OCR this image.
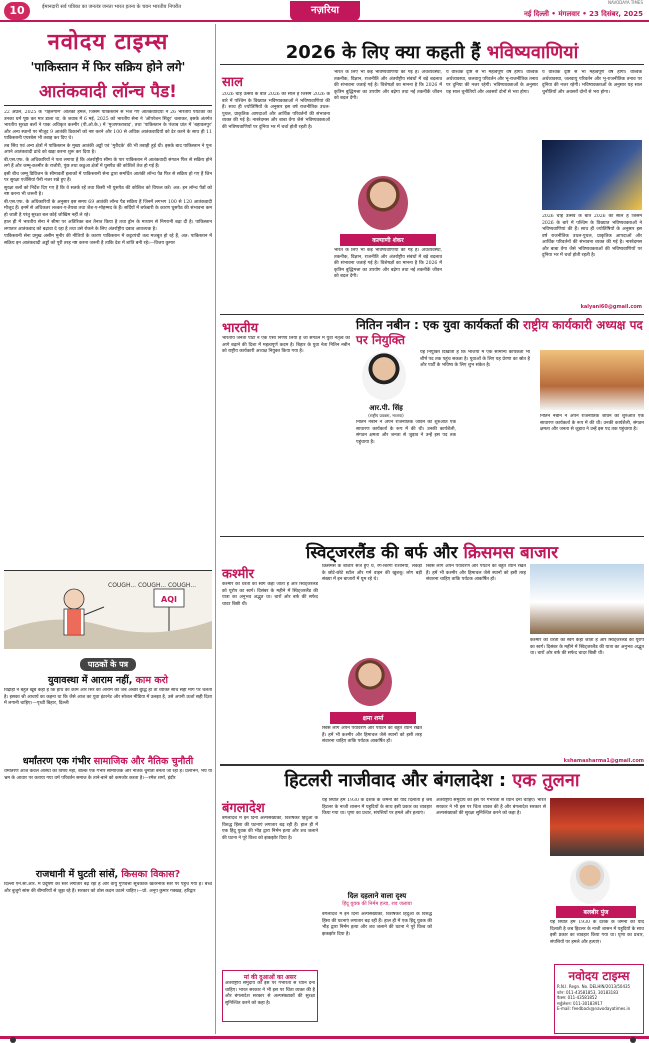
10	ईमानदारी सर्व पत्रिका का जनतंत्र जनता भारत इतना के चयन भारतीय निपरीत	नज़रिया
NAVODAYA TIMES
नई दिल्ली • मंगलवार • 23 दिसंबर, 2025
नवोदय टाइम्स
'पाकिस्तान में फिर सक्रिय होने लगे'
आतंकवादी लॉन्च पैड!

22 अप्रैल, 2025 के 'पहलगाम' आतंकी हमले, जिसमें पाकिस्तान से भेजे गए आतंकवादियों ने 26 भारतीय पर्यटकों को उनका धर्म पूछ कर मार डाला था, के जवाब में 6 मई, 2025 को भारतीय सेना ने 'ऑपरेशन सिंदूर' चलाकर, इसके अंतर्गत भारतीय सुरक्षा बलों ने पाक अधिकृत कश्मीर (पी.ओ.के.) में 'मुजफ्फराबाद', तथा 'पाकिस्तान के पंजाब प्रांत में 'बहावलपुर' और अन्य स्थानों पर मौजूद 9 आतंकी ठिकानों को नष्ट करने और 100 से अधिक आतंकवादियों को ढेर करने के साथ ही 11 पाकिस्तानी एयरबेस भी तबाह कर दिए थे।

तब सिंध एवं अन्य क्षेत्रों में पाकिस्तान के मुख्य आतंकी अड्डों एवं 'मुरीदके' की भी तबाही हुई थी। इसके बाद पाकिस्तान ने पुनः अपने आतंकवादी ढांचे को खड़ा करना शुरू कर दिया है।

बी.एस.एफ. के अधिकारियों ने पता लगाया है कि अंतर्राष्ट्रीय सीमा के पार पाकिस्तान में आतंकवादी संगठन फिर से सक्रिय होने लगे हैं और जम्मू-कश्मीर के राजौरी, पुंछ तथा कठुआ क्षेत्रों में घुसपैठ की कोशिशें तेज हो गई हैं।

इसी बीच जम्मू डिविजन के सीमावर्ती इलाकों में पाकिस्तानी सेना द्वारा समर्थित आतंकी लॉन्च पैड फिर से सक्रिय हो गए हैं जिन पर सुरक्षा एजेंसियां पैनी नजर रखे हुए हैं।

सुरक्षा बलों को निर्देश दिए गए हैं कि वे सतर्क रहें तथा किसी भी घुसपैठ की कोशिश को विफल करें। अत: इन लॉन्च पैडों को नष्ट करना भी जरूरी है।

बी.एस.एफ. के अधिकारियों के अनुसार इस समय 69 आतंकी लॉन्च पैड सक्रिय हैं जिनमें लगभग 100 से 120 आतंकवादी मौजूद हैं। इनमें से अधिकतर लश्कर-ए-तैयबा तथा जैश-ए-मोहम्मद के हैं। सर्दियों में बर्फबारी के कारण घुसपैठ की संभावना कम हो जाती है परंतु सुरक्षा बल कोई जोखिम नहीं ले रहे।

हाल ही में भारतीय सेना ने सीमा पर अतिरिक्त बल तैनात किया है तथा ड्रोन के माध्यम से निगरानी बढ़ा दी है। पाकिस्तान लगातार आतंकवाद को बढ़ावा दे रहा है तथा उसे रोकने के लिए अंतर्राष्ट्रीय दबाव आवश्यक है।

पाकिस्तानी सेना प्रमुख असीम मुनीर की नीतियों के कारण पाकिस्तान में कट्टरपंथी तत्व मजबूत हो रहे हैं, अत: पाकिस्तान में सक्रिय इन आतंकवादी अड्डों को पूरी तरह नष्ट करना जरूरी है ताकि देश में शांति बनी रहे।—विजय कुमार

AQI
COUGH... COUGH... COUGH...
पाठकों के पत्र
युवावस्था में आराम नहीं, काम करो
विद्रोही ने बहुत खूब कहा है कि हाथ को काम और सिर को आराम को जब अच्छी बुद्धि हो तो व्यक्ति सोचे सही मार्ग पर चलता है। इसका श्री आचार्य का कहना था कि जैसे आज का युवा इंटरनेट और सोशल मीडिया में उलझा है, उसे अपनी ऊर्जा सही दिशा में लगानी चाहिए।—पृथ्वी बिहार, दिल्ली
धर्मांतरण एक गंभीर सामाजिक और नैतिक चुनौती
धर्मांतरण आज केवल आस्था का विषय नहीं, बल्कि एक गंभीर सामाजिक और नैतिक चुनौती बनता जा रहा है। प्रलोभन, भय या भ्रम के आधार पर कराया गया धर्म परिवर्तन समाज के ताने-बाने को कमजोर करता है।—रमेश शर्मा, इंदौर
राजधानी में घुटती सांसें, किसका विकास?
दिल्ली एन.सी.आर. में प्रदूषण का स्तर लगातार बढ़ रहा है और वायु गुणवत्ता सूचकांक खतरनाक स्तर पर पहुंच गया है। बच्चे और बुजुर्ग सांस की बीमारियों से जूझ रहे हैं। सरकार को ठोस कदम उठाने चाहिए।—प्रो. अनूप कुमार गक्खड़, हरिद्वार
2026 के लिए क्या कहती हैं भविष्यवाणियां
साल
2026 चाहे उत्सव के बात 2026 का साल है जिसमें 2026 के बारे में पश्चिम के विख्यात भविष्यवक्ताओं ने भविष्यवाणियां की हैं। साथ ही ज्योतिषियों के अनुसार इस वर्ष राजनीतिक उथल-पुथल, प्राकृतिक आपदाओं और आर्थिक परिवर्तनों की संभावना व्यक्त की गई है। नास्त्रेदमस और बाबा वेंगा जैसे भविष्यवक्ताओं की भविष्यवाणियों पर दुनिया भर में चर्चा होती रहती है।
भारत के लिए भी कई भविष्यवाणियां की गई हैं। अर्थव्यवस्था, तकनीक, विज्ञान, राजनीति और अंतर्राष्ट्रीय संबंधों में बड़े बदलाव की संभावना जताई गई है। विशेषज्ञों का मानना है कि 2026 में कृत्रिम बुद्धिमत्ता का उपयोग और बढ़ेगा तथा नई तकनीकें जीवन को बदल देंगी।
कल्याणी शंकर
भारत के लिए भी कई भविष्यवाणियां की गई हैं। अर्थव्यवस्था, तकनीक, विज्ञान, राजनीति और अंतर्राष्ट्रीय संबंधों में बड़े बदलाव की संभावना जताई गई है। विशेषज्ञों का मानना है कि 2026 में कृत्रिम बुद्धिमत्ता का उपयोग और बढ़ेगा तथा नई तकनीकें जीवन को बदल देंगी।
ये वैश्विक दृष्टि से भी महत्वपूर्ण वर्ष होगा। वैश्विक अर्थव्यवस्था, जलवायु परिवर्तन और भू-राजनीतिक तनाव पर दुनिया की नजर रहेगी। भविष्यवक्ताओं के अनुसार यह साल चुनौतियों और अवसरों दोनों से भरा होगा।
ये वैश्विक दृष्टि से भी महत्वपूर्ण वर्ष होगा। वैश्विक अर्थव्यवस्था, जलवायु परिवर्तन और भू-राजनीतिक तनाव पर दुनिया की नजर रहेगी। भविष्यवक्ताओं के अनुसार यह साल चुनौतियों और अवसरों दोनों से भरा होगा।
2026 चाहे उत्सव के बात 2026 का साल है जिसमें 2026 के बारे में पश्चिम के विख्यात भविष्यवक्ताओं ने भविष्यवाणियां की हैं। साथ ही ज्योतिषियों के अनुसार इस वर्ष राजनीतिक उथल-पुथल, प्राकृतिक आपदाओं और आर्थिक परिवर्तनों की संभावना व्यक्त की गई है। नास्त्रेदमस और बाबा वेंगा जैसे भविष्यवक्ताओं की भविष्यवाणियों पर दुनिया भर में चर्चा होती रहती है।
kalyani60@gmail.com
भारतीय
भारतीय जनता पार्टी ने एक ऐसा निर्णय लिया है जो संगठन में युवा नेतृत्व को आगे बढ़ाने की दिशा में महत्वपूर्ण कदम है। बिहार के युवा नेता नितिन नबीन को राष्ट्रीय कार्यकारी अध्यक्ष नियुक्त किया गया है।
नितिन नबीन : एक युवा कार्यकर्ता की राष्ट्रीय कार्यकारी अध्यक्ष पद पर नियुक्ति
आर.पी. सिंह
(राष्ट्रीय प्रवक्ता, भाजपा)
नितिन नबीन ने अपने राजनीतिक जीवन की शुरुआत एक साधारण कार्यकर्ता के रूप में की थी। उनकी कार्यशैली, संगठन क्षमता और जनता से जुड़ाव ने उन्हें इस पद तक पहुंचाया है।
यह नियुक्ति दिखाती है कि भाजपा में एक सामान्य कार्यकर्ता भी शीर्ष पद तक पहुंच सकता है। युवाओं के लिए यह प्रेरणा का स्रोत है और पार्टी के भविष्य के लिए शुभ संकेत है।
नितिन नबीन ने अपने राजनीतिक जीवन की शुरुआत एक साधारण कार्यकर्ता के रूप में की थी। उनकी कार्यशैली, संगठन क्षमता और जनता से जुड़ाव ने उन्हें इस पद तक पहुंचाया है।
स्विट्जरलैंड की बर्फ और क्रिसमस बाजार
कश्मीर
कश्मीर को धरती का स्वर्ग कहा जाता है और स्विट्जरलैंड को यूरोप का स्वर्ग। दिसंबर के महीने में स्विट्जरलैंड की यात्रा का अनुभव अद्भुत था। चारों ओर बर्फ की सफेद चादर बिछी थी।
क्रिसमस के बाजार सजे हुए थे, रंग-बिरंगी रोशनियां, लकड़ी के छोटे-छोटे स्टॉल और गर्म वाइन की खुशबू। लोग बड़ी संख्या में इन बाजारों में घूम रहे थे।
क्षमा शर्मा
स्विस लोग अपने पर्यावरण और पर्यटन का बहुत ध्यान रखते हैं। हमें भी कश्मीर और हिमाचल जैसे स्थानों को इसी तरह संवारना चाहिए ताकि पर्यटक आकर्षित हों।
स्विस लोग अपने पर्यावरण और पर्यटन का बहुत ध्यान रखते हैं। हमें भी कश्मीर और हिमाचल जैसे स्थानों को इसी तरह संवारना चाहिए ताकि पर्यटक आकर्षित हों।
कश्मीर को धरती का स्वर्ग कहा जाता है और स्विट्जरलैंड को यूरोप का स्वर्ग। दिसंबर के महीने में स्विट्जरलैंड की यात्रा का अनुभव अद्भुत था। चारों ओर बर्फ की सफेद चादर बिछी थी।
kshamasharma1@gmail.com
हिटलरी नाजीवाद और बंगलादेश : एक तुलना
बंगलादेश
बंगलादेश में इन दिनों अल्पसंख्यकों, विशेषकर हिंदुओं के विरुद्ध हिंसा की घटनाएं लगातार बढ़ रही हैं। हाल ही में एक हिंदू युवक की भीड़ द्वारा निर्मम हत्या और शव जलाने की घटना ने पूरे विश्व को झकझोर दिया है।
मां की दुआओं का असर
अंतर्राष्ट्रीय समुदाय को इस पर गंभीरता से ध्यान देना चाहिए। भारत सरकार ने भी इस पर चिंता व्यक्त की है और बंगलादेश सरकार से अल्पसंख्यकों की सुरक्षा सुनिश्चित करने को कहा है।
यह स्थिति हमें 1930 के दशक के जर्मनी की याद दिलाती है जब हिटलर के नाजी शासन में यहूदियों के साथ इसी प्रकार का व्यवहार किया गया था। घृणा का प्रचार, संपत्तियों पर हमले और हत्याएं।
दिल दहलाने वाला दृश्य
हिंदू युवक की निर्मम हत्या, शव जलाया
बंगलादेश में इन दिनों अल्पसंख्यकों, विशेषकर हिंदुओं के विरुद्ध हिंसा की घटनाएं लगातार बढ़ रही हैं। हाल ही में एक हिंदू युवक की भीड़ द्वारा निर्मम हत्या और शव जलाने की घटना ने पूरे विश्व को झकझोर दिया है।
अंतर्राष्ट्रीय समुदाय को इस पर गंभीरता से ध्यान देना चाहिए। भारत सरकार ने भी इस पर चिंता व्यक्त की है और बंगलादेश सरकार से अल्पसंख्यकों की सुरक्षा सुनिश्चित करने को कहा है।
बलबीर पुंज
यह स्थिति हमें 1930 के दशक के जर्मनी की याद दिलाती है जब हिटलर के नाजी शासन में यहूदियों के साथ इसी प्रकार का व्यवहार किया गया था। घृणा का प्रचार, संपत्तियों पर हमले और हत्याएं।
नवोदय टाइम्स
R.N.I. Regn. No. DELHIN/2013/50435
फोन: 011-43581853, 30183183
फैक्स: 011-43581852
सर्कुलेशन: 011-30183917
E-mail: feedback@navodayatimes.in
